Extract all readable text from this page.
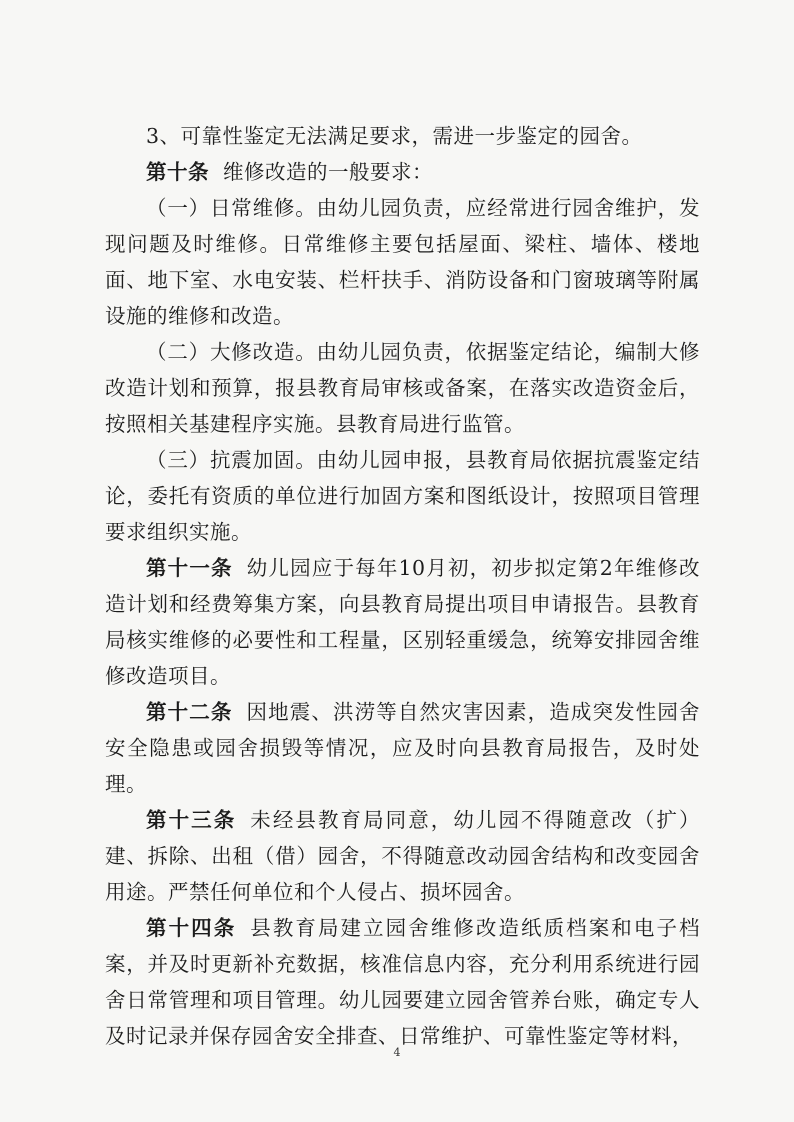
3、可靠性鉴定无法满足要求，需进一步鉴定的园舍。

第十条 维修改造的一般要求：

（一）日常维修。由幼儿园负责，应经常进行园舍维护，发现问题及时维修。日常维修主要包括屋面、梁柱、墙体、楼地面、地下室、水电安装、栏杆扶手、消防设备和门窗玻璃等附属设施的维修和改造。

（二）大修改造。由幼儿园负责，依据鉴定结论，编制大修改造计划和预算，报县教育局审核或备案，在落实改造资金后，按照相关基建程序实施。县教育局进行监管。

（三）抗震加固。由幼儿园申报，县教育局依据抗震鉴定结论，委托有资质的单位进行加固方案和图纸设计，按照项目管理要求组织实施。

第十一条 幼儿园应于每年10月初，初步拟定第2年维修改造计划和经费筹集方案，向县教育局提出项目申请报告。县教育局核实维修的必要性和工程量，区别轻重缓急，统筹安排园舍维修改造项目。

第十二条 因地震、洪涝等自然灾害因素，造成突发性园舍安全隐患或园舍损毁等情况，应及时向县教育局报告，及时处理。

第十三条 未经县教育局同意，幼儿园不得随意改（扩）建、拆除、出租（借）园舍，不得随意改动园舍结构和改变园舍用途。严禁任何单位和个人侵占、损坏园舍。

第十四条 县教育局建立园舍维修改造纸质档案和电子档案，并及时更新补充数据，核准信息内容，充分利用系统进行园舍日常管理和项目管理。幼儿园要建立园舍管养台账，确定专人及时记录并保存园舍安全排查、日常维护、可靠性鉴定等材料，

4
